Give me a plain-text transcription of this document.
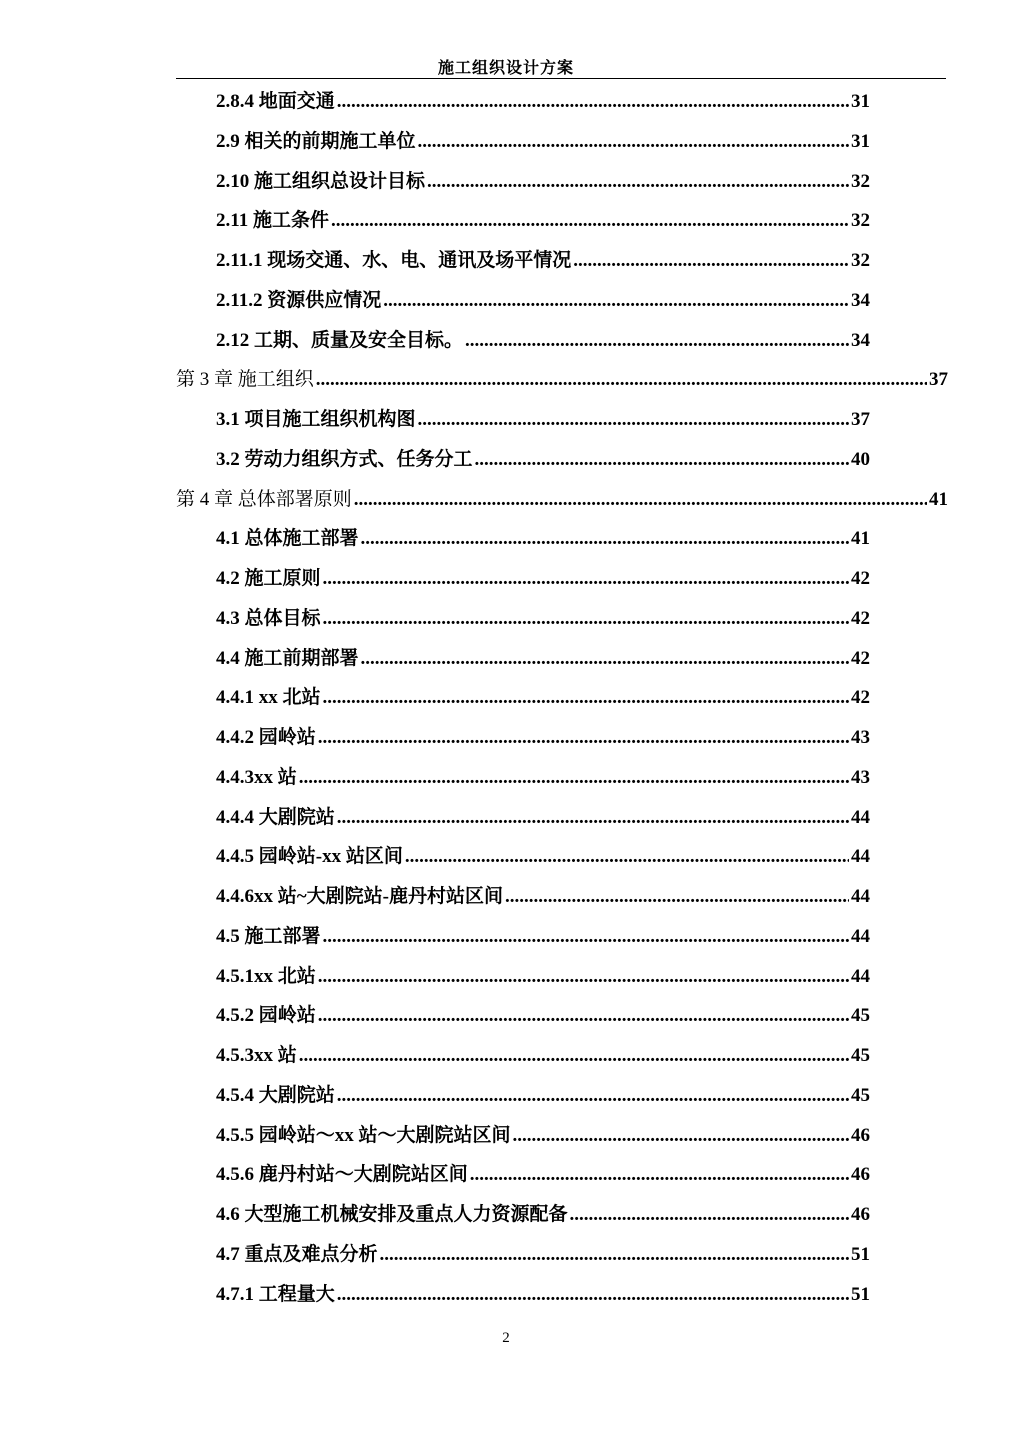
施工组织设计方案
2.8.4 地面交通 .....	31
2.9 相关的前期施工单位 .....	31
2.10 施工组织总设计目标 .....	32
2.11 施工条件 .....	32
2.11.1 现场交通、水、电、通讯及场平情况 .....	32
2.11.2 资源供应情况 .....	34
2.12 工期、质量及安全目标。 .....	34
第 3 章 施工组织 .....	37
3.1 项目施工组织机构图 .....	37
3.2 劳动力组织方式、任务分工 .....	40
第 4 章 总体部署原则 .....	41
4.1 总体施工部署 .....	41
4.2 施工原则 .....	42
4.3 总体目标 .....	42
4.4 施工前期部署 .....	42
4.4.1 xx 北站 .....	42
4.4.2 园岭站 .....	43
4.4.3xx 站 .....	43
4.4.4 大剧院站 .....	44
4.4.5 园岭站-xx 站区间 .....	44
4.4.6xx 站~大剧院站-鹿丹村站区间 .....	44
4.5 施工部署 .....	44
4.5.1xx 北站 .....	44
4.5.2 园岭站 .....	45
4.5.3xx 站 .....	45
4.5.4 大剧院站 .....	45
4.5.5 园岭站～xx 站～大剧院站区间 .....	46
4.5.6 鹿丹村站～大剧院站区间 .....	46
4.6 大型施工机械安排及重点人力资源配备 .....	46
4.7 重点及难点分析 .....	51
4.7.1 工程量大 .....	51
2
